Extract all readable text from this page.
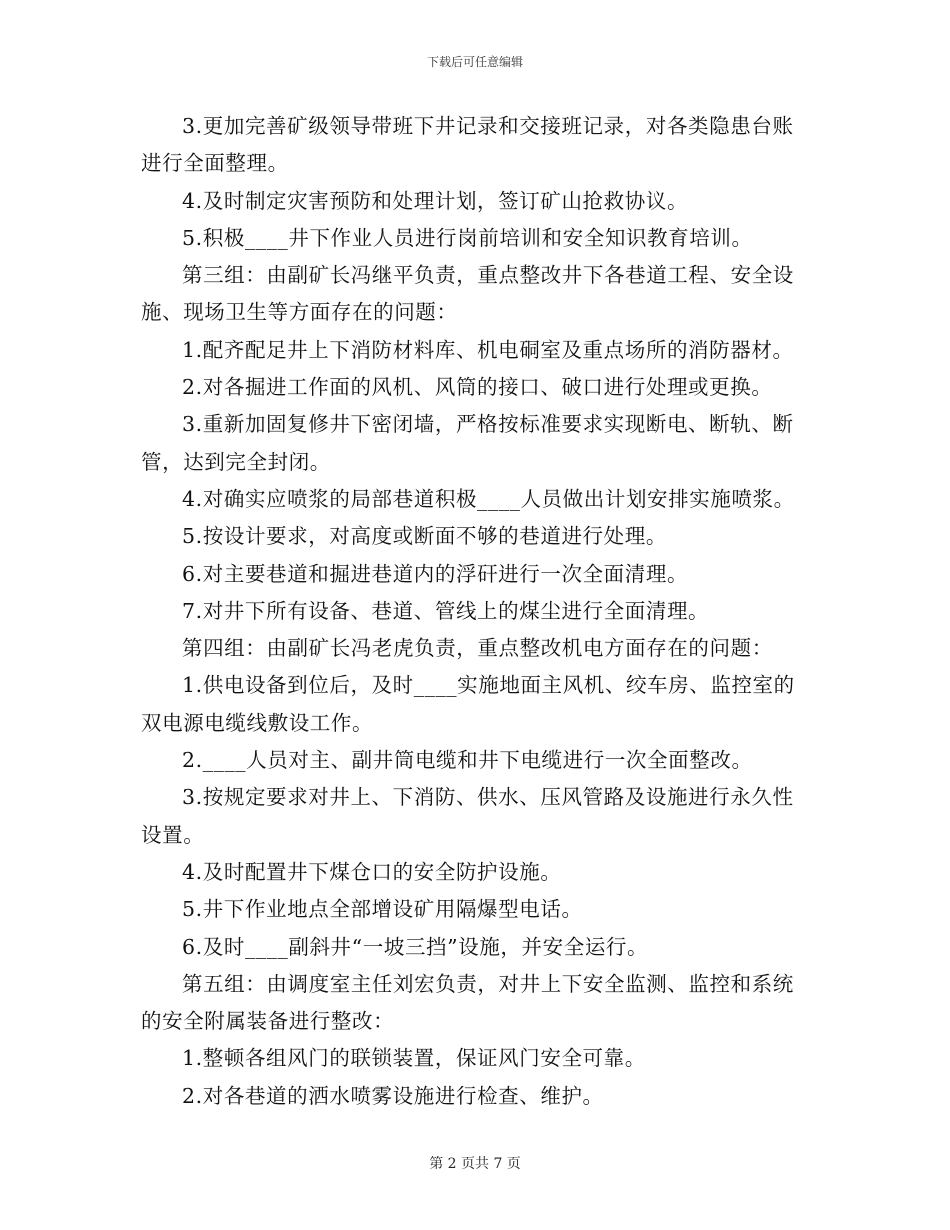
下载后可任意编辑

3.更加完善矿级领导带班下井记录和交接班记录，对各类隐患台账进行全面整理。

4.及时制定灾害预防和处理计划，签订矿山抢救协议。

5.积极____井下作业人员进行岗前培训和安全知识教育培训。

第三组：由副矿长冯继平负责，重点整改井下各巷道工程、安全设施、现场卫生等方面存在的问题：

1.配齐配足井上下消防材料库、机电硐室及重点场所的消防器材。

2.对各掘进工作面的风机、风筒的接口、破口进行处理或更换。

3.重新加固复修井下密闭墙，严格按标准要求实现断电、断轨、断管，达到完全封闭。

4.对确实应喷浆的局部巷道积极____人员做出计划安排实施喷浆。

5.按设计要求，对高度或断面不够的巷道进行处理。

6.对主要巷道和掘进巷道内的浮矸进行一次全面清理。

7.对井下所有设备、巷道、管线上的煤尘进行全面清理。

第四组：由副矿长冯老虎负责，重点整改机电方面存在的问题：

1.供电设备到位后，及时____实施地面主风机、绞车房、监控室的双电源电缆线敷设工作。

2.____人员对主、副井筒电缆和井下电缆进行一次全面整改。

3.按规定要求对井上、下消防、供水、压风管路及设施进行永久性设置。

4.及时配置井下煤仓口的安全防护设施。

5.井下作业地点全部增设矿用隔爆型电话。

6.及时____副斜井“一坡三挡”设施，并安全运行。

第五组：由调度室主任刘宏负责，对井上下安全监测、监控和系统的安全附属装备进行整改：

1.整顿各组风门的联锁装置，保证风门安全可靠。

2.对各巷道的洒水喷雾设施进行检查、维护。

第 2 页共 7 页
